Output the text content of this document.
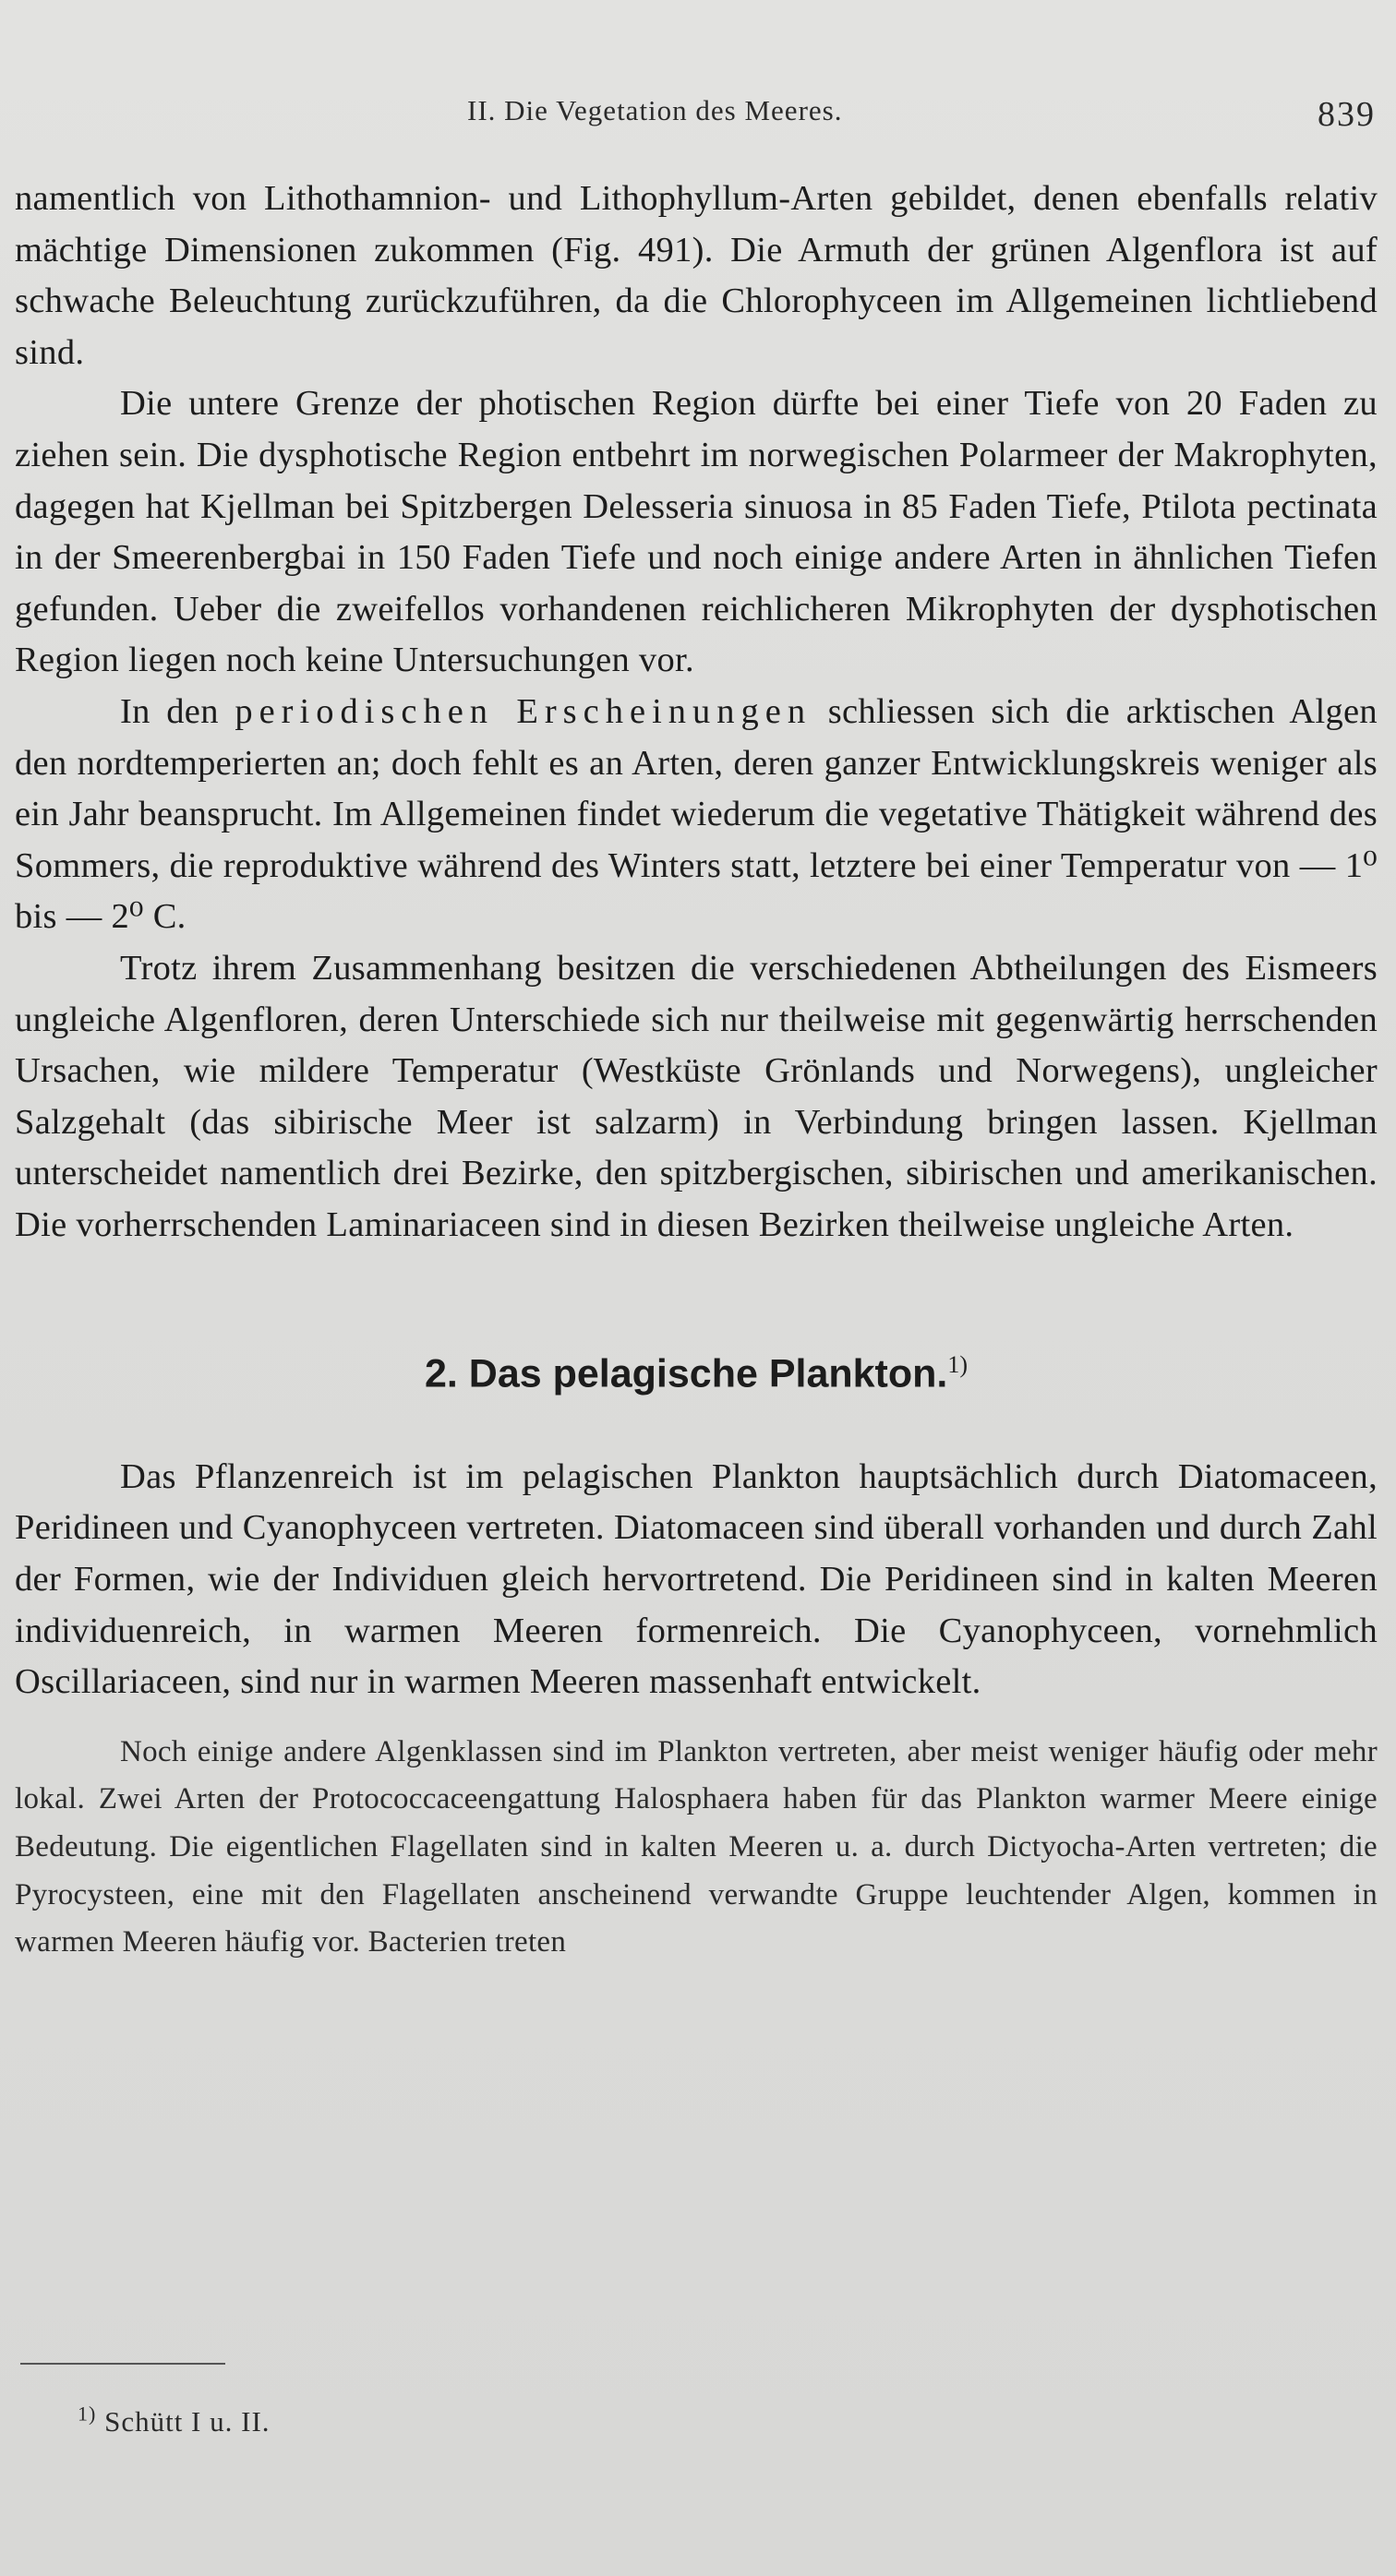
II. Die Vegetation des Meeres.	839

namentlich von Lithothamnion- und Lithophyllum-Arten gebildet, denen ebenfalls relativ mächtige Dimensionen zukommen (Fig. 491). Die Armuth der grünen Algenflora ist auf schwache Beleuchtung zurückzuführen, da die Chlorophyceen im Allgemeinen lichtliebend sind.

Die untere Grenze der photischen Region dürfte bei einer Tiefe von 20 Faden zu ziehen sein. Die dysphotische Region entbehrt im norwegischen Polarmeer der Makrophyten, dagegen hat Kjellman bei Spitzbergen Delesseria sinuosa in 85 Faden Tiefe, Ptilota pectinata in der Smeerenbergbai in 150 Faden Tiefe und noch einige andere Arten in ähnlichen Tiefen gefunden. Ueber die zweifellos vorhandenen reichlicheren Mikrophyten der dysphotischen Region liegen noch keine Untersuchungen vor.

In den periodischen Erscheinungen schliessen sich die arktischen Algen den nordtemperierten an; doch fehlt es an Arten, deren ganzer Entwicklungskreis weniger als ein Jahr beansprucht. Im Allgemeinen findet wiederum die vegetative Thätigkeit während des Sommers, die reproduktive während des Winters statt, letztere bei einer Temperatur von — 1⁰ bis — 2⁰ C.

Trotz ihrem Zusammenhang besitzen die verschiedenen Abtheilungen des Eismeers ungleiche Algenfloren, deren Unterschiede sich nur theilweise mit gegenwärtig herrschenden Ursachen, wie mildere Temperatur (Westküste Grönlands und Norwegens), ungleicher Salzgehalt (das sibirische Meer ist salzarm) in Verbindung bringen lassen. Kjellman unterscheidet namentlich drei Bezirke, den spitzbergischen, sibirischen und amerikanischen. Die vorherrschenden Laminariaceen sind in diesen Bezirken theilweise ungleiche Arten.

2. Das pelagische Plankton.$^{1)}$

Das Pflanzenreich ist im pelagischen Plankton hauptsächlich durch Diatomaceen, Peridineen und Cyanophyceen vertreten. Diatomaceen sind überall vorhanden und durch Zahl der Formen, wie der Individuen gleich hervortretend. Die Peridineen sind in kalten Meeren individuenreich, in warmen Meeren formenreich. Die Cyanophyceen, vornehmlich Oscillariaceen, sind nur in warmen Meeren massenhaft entwickelt.

Noch einige andere Algenklassen sind im Plankton vertreten, aber meist weniger häufig oder mehr lokal. Zwei Arten der Protococcaceengattung Halosphaera haben für das Plankton warmer Meere einige Bedeutung. Die eigentlichen Flagellaten sind in kalten Meeren u. a. durch Dictyocha-Arten vertreten; die Pyrocysteen, eine mit den Flagellaten anscheinend verwandte Gruppe leuchtender Algen, kommen in warmen Meeren häufig vor. Bacterien treten

$^{1)}$ Schütt I u. II.
